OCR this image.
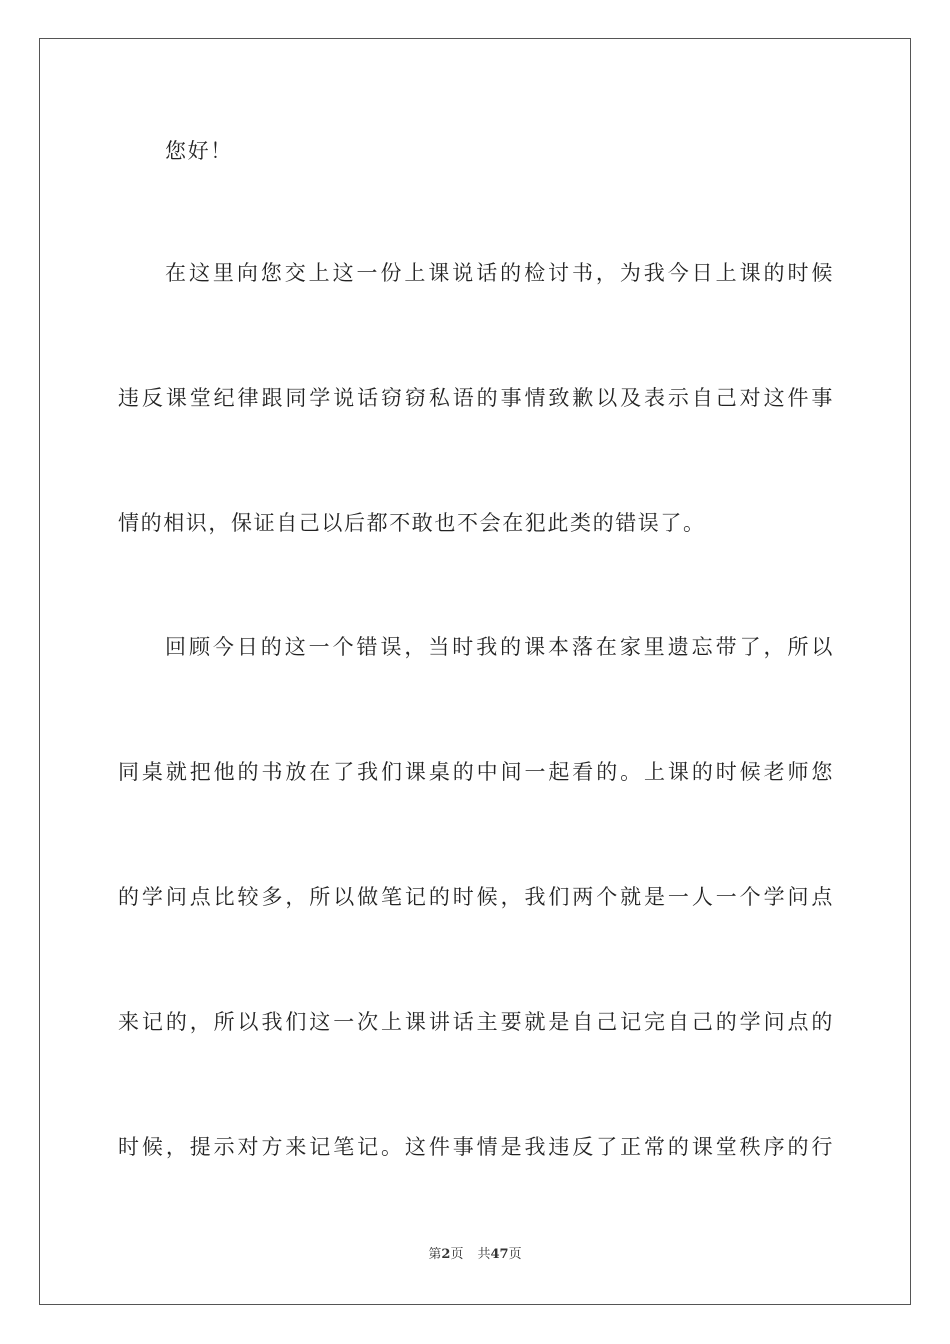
您好！
在这里向您交上这一份上课说话的检讨书，为我今日上课的时候
违反课堂纪律跟同学说话窃窃私语的事情致歉以及表示自己对这件事
情的相识，保证自己以后都不敢也不会在犯此类的错误了。
回顾今日的这一个错误，当时我的课本落在家里遗忘带了，所以
同桌就把他的书放在了我们课桌的中间一起看的。上课的时候老师您
的学问点比较多，所以做笔记的时候，我们两个就是一人一个学问点
来记的，所以我们这一次上课讲话主要就是自己记完自己的学问点的
时候，提示对方来记笔记。这件事情是我违反了正常的课堂秩序的行
第2页 共47页
